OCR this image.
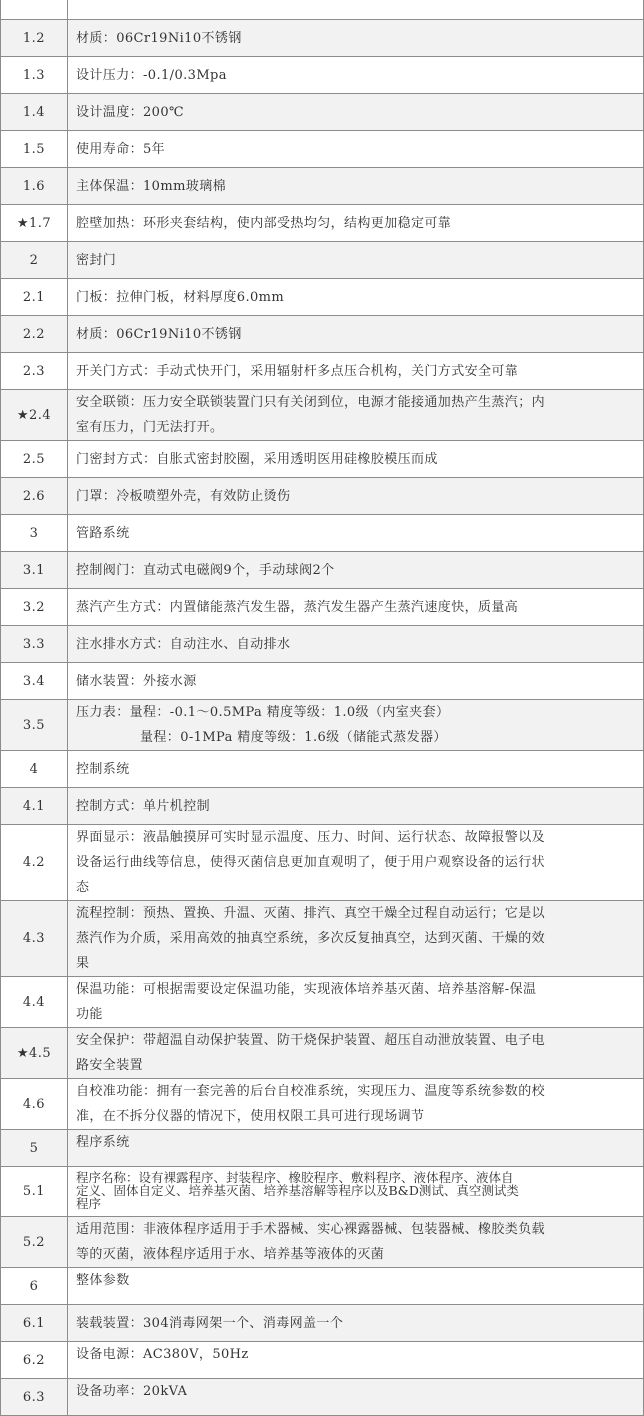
1.2	材质：06Cr19Ni10不锈钢

1.3	设计压力：-0.1/0.3Mpa

1.4	设计温度：200℃

1.5	使用寿命：5年

1.6	主体保温：10mm玻璃棉

★1.7	腔壁加热：环形夹套结构，使内部受热均匀，结构更加稳定可靠

2	密封门

2.1	门板：拉伸门板，材料厚度6.0mm

2.2	材质：06Cr19Ni10不锈钢

2.3	开关门方式：手动式快开门，采用辐射杆多点压合机构，关门方式安全可靠

★2.4	安全联锁：压力安全联锁装置门只有关闭到位，电源才能接通加热产生蒸汽；内
室有压力，门无法打开。

2.5	门密封方式：自胀式密封胶圈，采用透明医用硅橡胶模压而成

2.6	门罩：冷板喷塑外壳，有效防止烫伤

3	管路系统

3.1	控制阀门：直动式电磁阀9个，手动球阀2个

3.2	蒸汽产生方式：内置储能蒸汽发生器，蒸汽发生器产生蒸汽速度快，质量高

3.3	注水排水方式：自动注水、自动排水

3.4	储水装置：外接水源

3.5	压力表：量程：-0.1～0.5MPa 精度等级：1.0级（内室夹套）
量程：0-1MPa 精度等级：1.6级（储能式蒸发器）

4	控制系统

4.1	控制方式：单片机控制

4.2	界面显示：液晶触摸屏可实时显示温度、压力、时间、运行状态、故障报警以及
设备运行曲线等信息，使得灭菌信息更加直观明了，便于用户观察设备的运行状
态

4.3	流程控制：预热、置换、升温、灭菌、排汽、真空干燥全过程自动运行；它是以
蒸汽作为介质，采用高效的抽真空系统，多次反复抽真空，达到灭菌、干燥的效
果

4.4	保温功能：可根据需要设定保温功能，实现液体培养基灭菌、培养基溶解-保温
功能

★4.5	安全保护：带超温自动保护装置、防干烧保护装置、超压自动泄放装置、电子电
路安全装置

4.6	自校准功能：拥有一套完善的后台自校准系统，实现压力、温度等系统参数的校
准，在不拆分仪器的情况下，使用权限工具可进行现场调节

5	程序系统

5.1	程序名称：设有裸露程序、封装程序、橡胶程序、敷料程序、液体程序、液体自
定义、固体自定义、培养基灭菌、培养基溶解等程序以及B&D测试、真空测试类
程序

5.2	适用范围：非液体程序适用于手术器械、实心裸露器械、包装器械、橡胶类负载
等的灭菌，液体程序适用于水、培养基等液体的灭菌

6	整体参数

6.1	装载装置：304消毒网架一个、消毒网盖一个

6.2	设备电源：AC380V，50Hz

6.3	设备功率：20kVA
